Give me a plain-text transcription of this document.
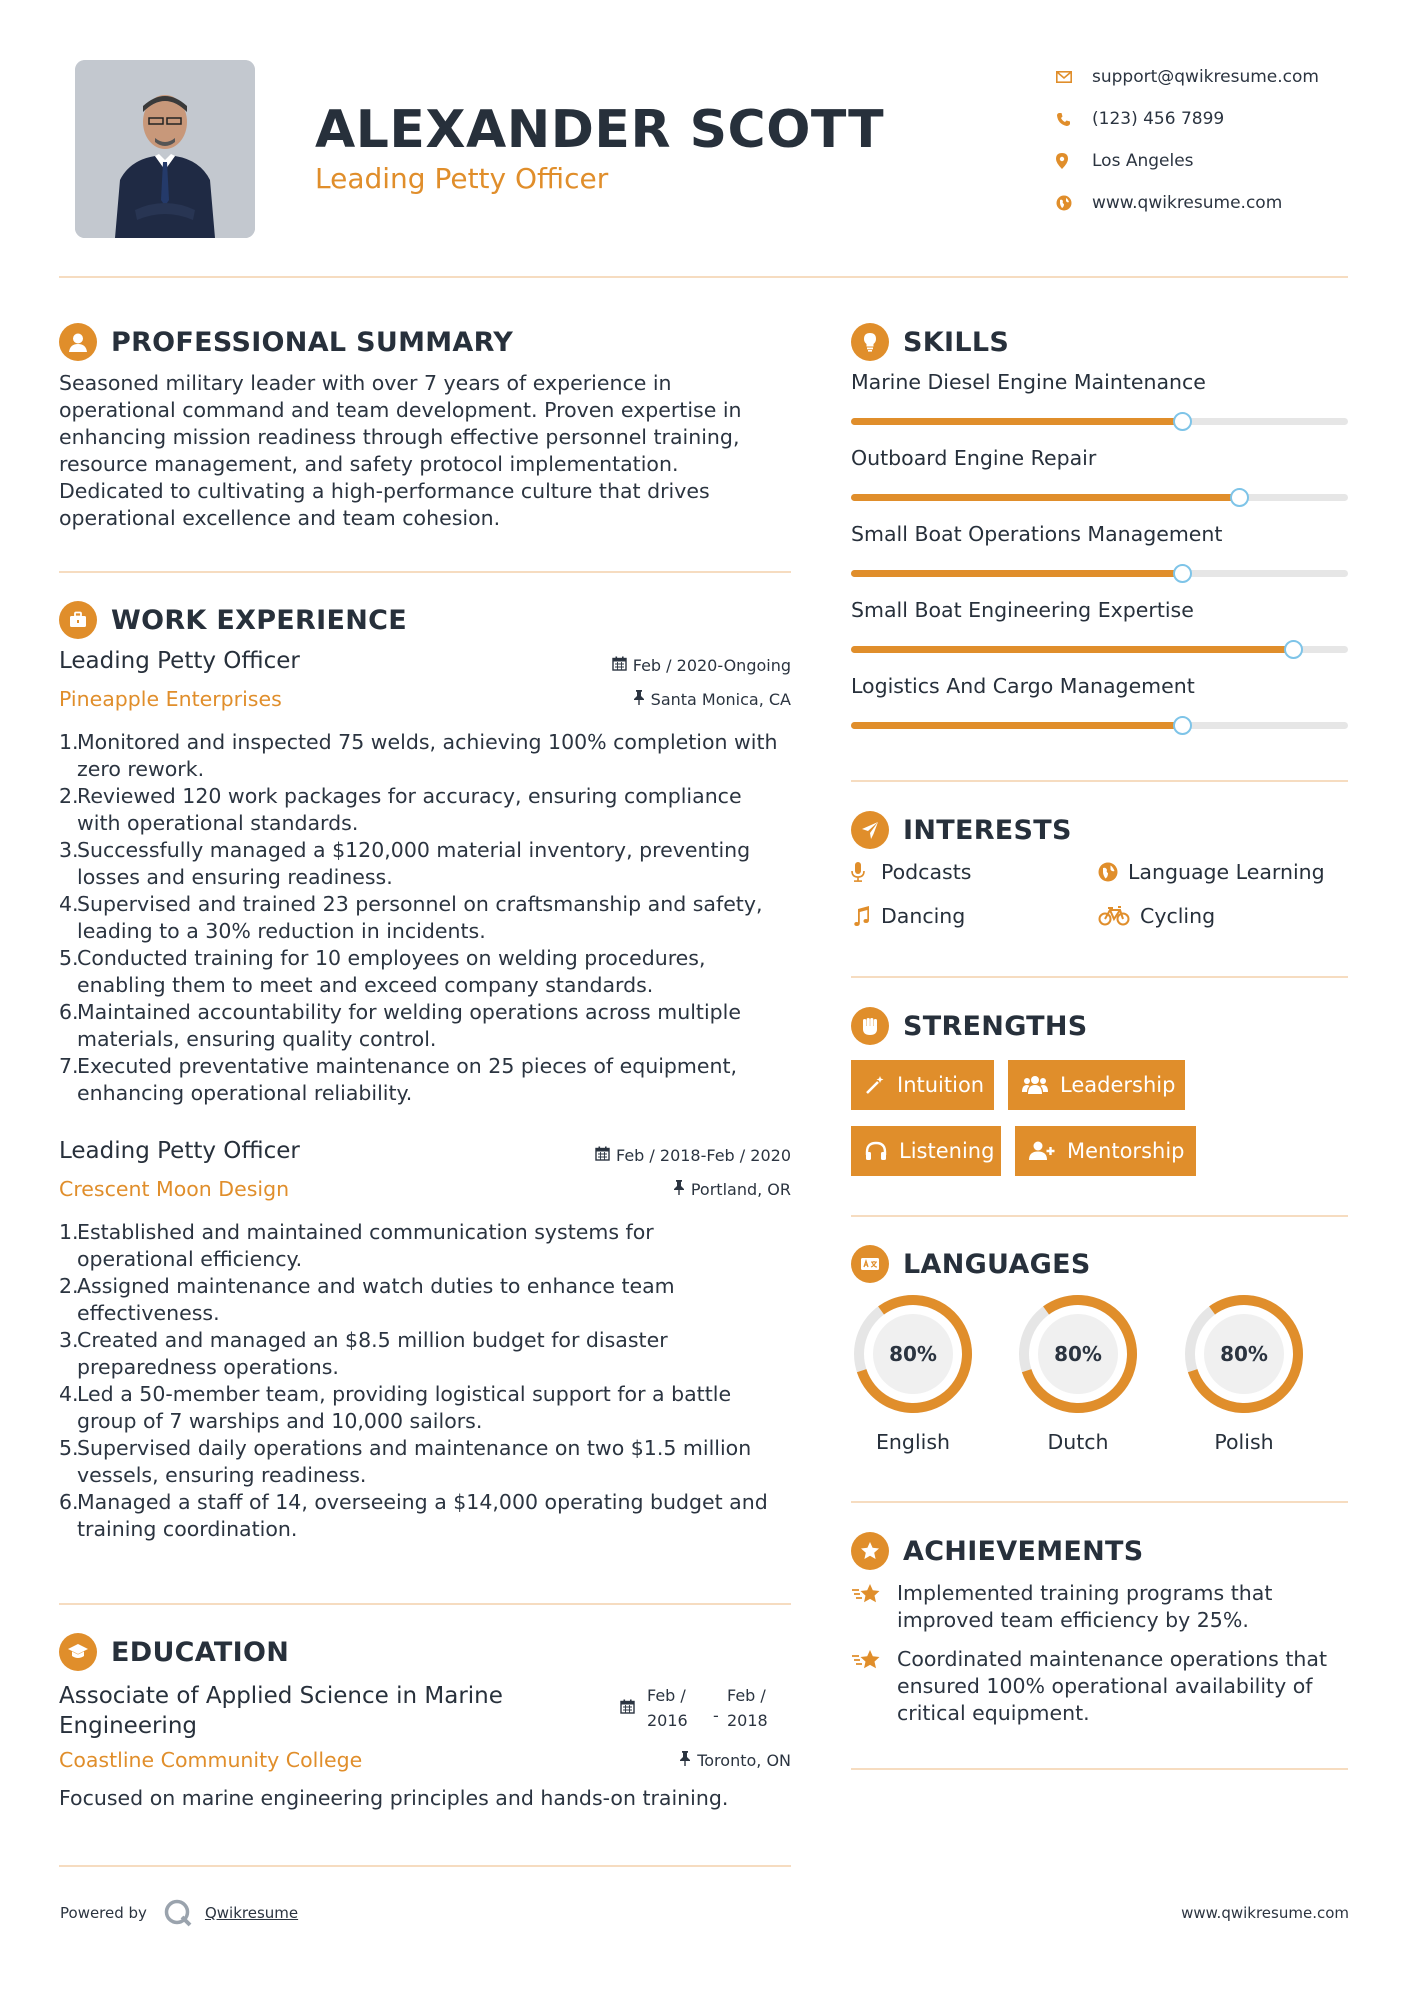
ALEXANDER SCOTT
Leading Petty Officer
support@qwikresume.com
(123) 456 7899
Los Angeles
www.qwikresume.com
PROFESSIONAL SUMMARY
Seasoned military leader with over 7 years of experience in
operational command and team development. Proven expertise in
enhancing mission readiness through effective personnel training,
resource management, and safety protocol implementation.
Dedicated to cultivating a high-performance culture that drives
operational excellence and team cohesion.
WORK EXPERIENCE
Leading Petty Officer	Feb / 2020-Ongoing
Pineapple Enterprises	Santa Monica, CA
1.
Monitored and inspected 75 welds, achieving 100% completion with
zero rework.
2.
Reviewed 120 work packages for accuracy, ensuring compliance
with operational standards.
3.
Successfully managed a $120,000 material inventory, preventing
losses and ensuring readiness.
4.
Supervised and trained 23 personnel on craftsmanship and safety,
leading to a 30% reduction in incidents.
5.
Conducted training for 10 employees on welding procedures,
enabling them to meet and exceed company standards.
6.
Maintained accountability for welding operations across multiple
materials, ensuring quality control.
7.
Executed preventative maintenance on 25 pieces of equipment,
enhancing operational reliability.
Leading Petty Officer	Feb / 2018-Feb / 2020
Crescent Moon Design	Portland, OR
1.
Established and maintained communication systems for
operational efficiency.
2.
Assigned maintenance and watch duties to enhance team
effectiveness.
3.
Created and managed an $8.5 million budget for disaster
preparedness operations.
4.
Led a 50-member team, providing logistical support for a battle
group of 7 warships and 10,000 sailors.
5.
Supervised daily operations and maintenance on two $1.5 million
vessels, ensuring readiness.
6.
Managed a staff of 14, overseeing a $14,000 operating budget and
training coordination.
EDUCATION
Associate of Applied Science in Marine
Engineering
Feb /
2016	-
Feb /
2018
Coastline Community College	Toronto, ON
Focused on marine engineering principles and hands-on training.
SKILLS
Marine Diesel Engine Maintenance
Outboard Engine Repair
Small Boat Operations Management
Small Boat Engineering Expertise
Logistics And Cargo Management
INTERESTS
Podcasts	Language Learning
Dancing	Cycling
STRENGTHS
Intuition	Leadership
Listening	Mentorship
LANGUAGES
80%
English
80%
Dutch
80%
Polish
ACHIEVEMENTS
Implemented training programs that
improved team efficiency by 25%.
Coordinated maintenance operations that
ensured 100% operational availability of
critical equipment.
Powered by	Qwikresume	www.qwikresume.com
